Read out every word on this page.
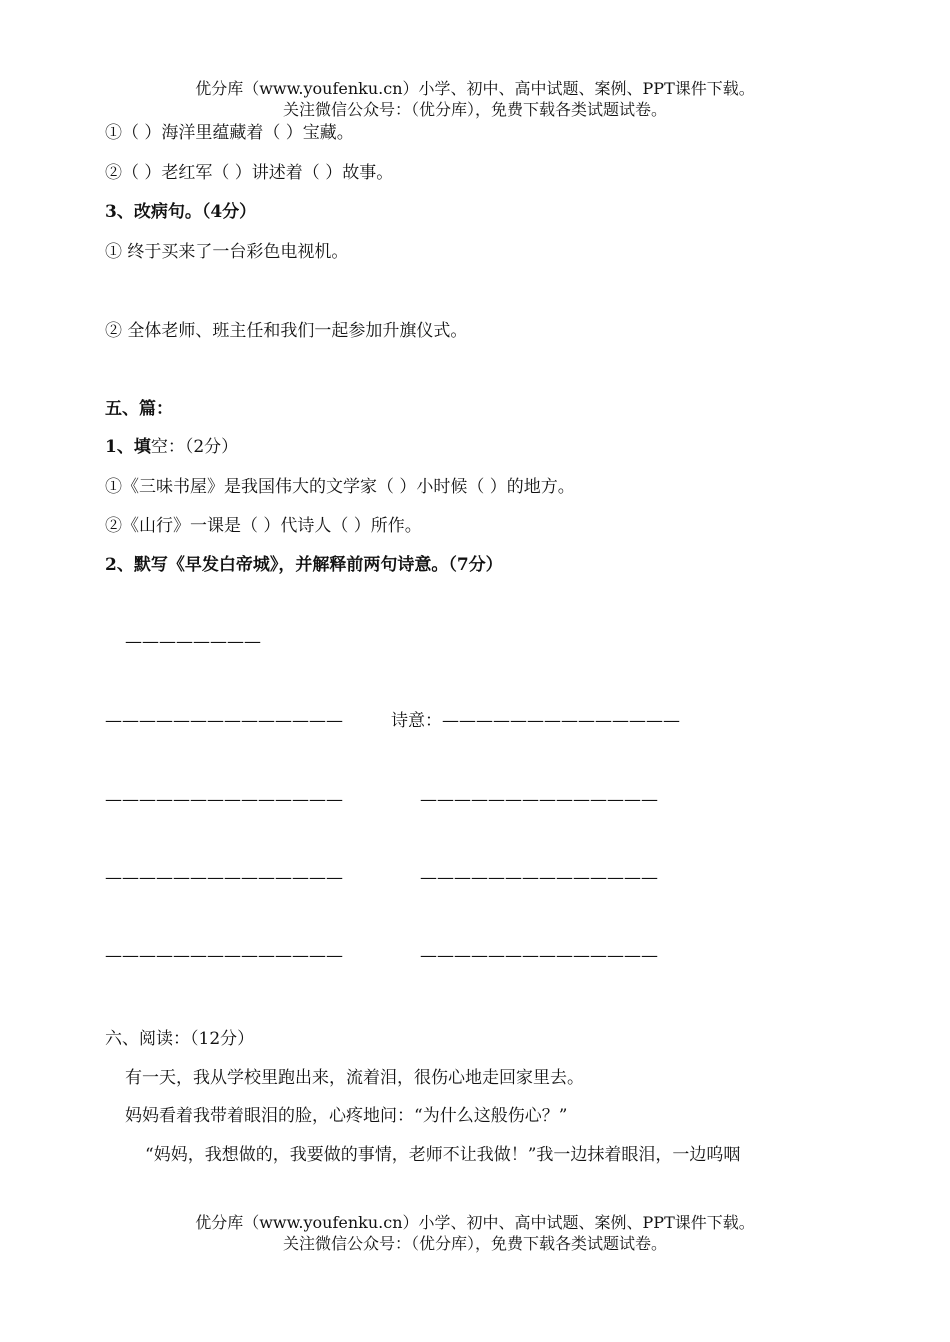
优分库（www.youfenku.cn）小学、初中、高中试题、案例、PPT课件下载。
关注微信公众号：（优分库），免费下载各类试题试卷。
①（ ）海洋里蕴藏着（ ）宝藏。
②（ ）老红军（ ）讲述着（ ）故事。
3、改病句。（4分）
① 终于买来了一台彩色电视机。
② 全体老师、班主任和我们一起参加升旗仪式。
五、篇：
1、填空：（2分）
①《三味书屋》是我国伟大的文学家（ ）小时候（ ）的地方。
②《山行》一课是（ ）代诗人（ ）所作。
2、默写《早发白帝城》，并解释前两句诗意。（7分）
————————
——————————————	诗意：——————————————
——————————————	——————————————
——————————————	——————————————
——————————————	——————————————
六、阅读：（12分）
有一天，我从学校里跑出来，流着泪，很伤心地走回家里去。
妈妈看着我带着眼泪的脸，心疼地问：“为什么这般伤心？”
“妈妈，我想做的，我要做的事情，老师不让我做！”我一边抹着眼泪，一边呜咽
优分库（www.youfenku.cn）小学、初中、高中试题、案例、PPT课件下载。
关注微信公众号：（优分库），免费下载各类试题试卷。
